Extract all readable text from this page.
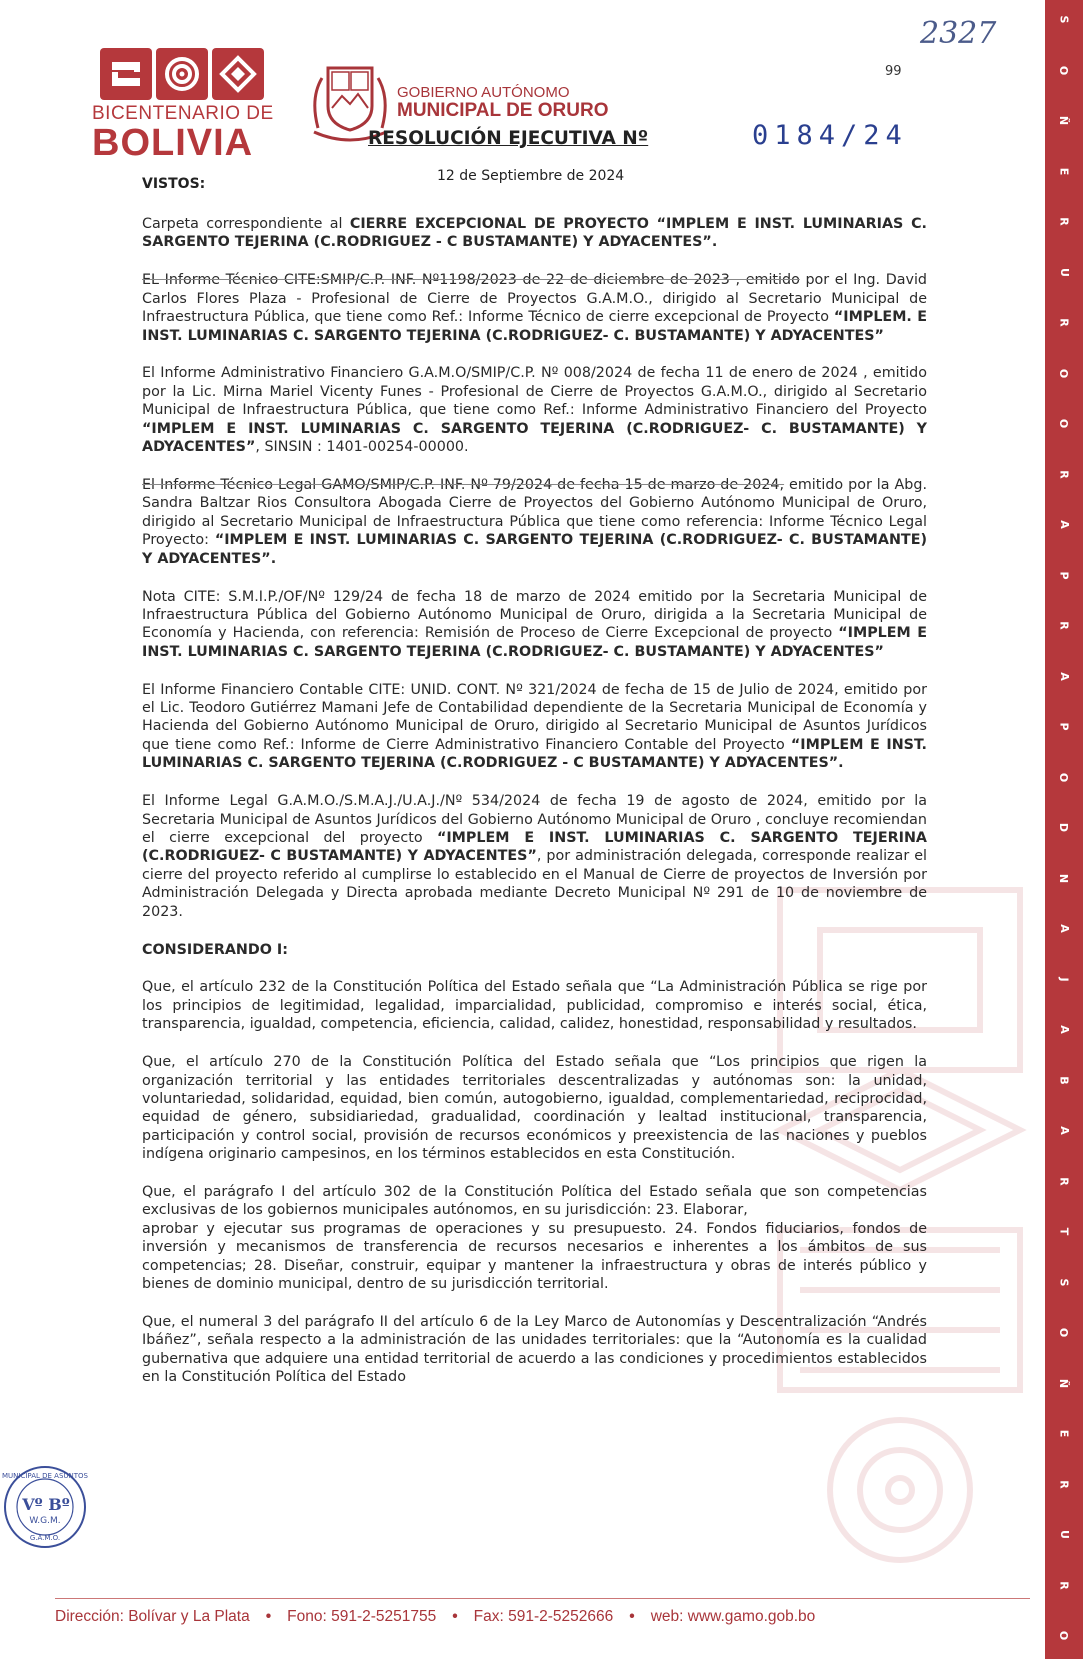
S
O
Ñ
E
R
U
R
O
O
R
A
P
R
A
P
O
D
N
A
J
A
B
A
R
T
S
O
Ñ
E
R
U
R
O
2327
99
BICENTENARIO DE
BOLIVIA
GOBIERNO AUTÓNOMO
MUNICIPAL DE ORURO
RESOLUCIÓN EJECUTIVA Nº	0184/24
12 de Septiembre de 2024
VISTOS:

Carpeta correspondiente al CIERRE EXCEPCIONAL DE PROYECTO “IMPLEM E INST. LUMINARIAS C. SARGENTO TEJERINA (C.RODRIGUEZ - C BUSTAMANTE) Y ADYACENTES”.

EL Informe Técnico CITE:SMIP/C.P. INF. Nº1198/2023 de 22 de diciembre de 2023 , emitido por el Ing. David Carlos Flores Plaza - Profesional de Cierre de Proyectos G.A.M.O., dirigido al Secretario Municipal de Infraestructura Pública, que tiene como Ref.: Informe Técnico de cierre excepcional de Proyecto “IMPLEM. E INST. LUMINARIAS C. SARGENTO TEJERINA (C.RODRIGUEZ- C. BUSTAMANTE) Y ADYACENTES”

El Informe Administrativo Financiero G.A.M.O/SMIP/C.P. Nº 008/2024 de fecha 11 de enero de 2024 , emitido por la Lic. Mirna Mariel Vicenty Funes - Profesional de Cierre de Proyectos G.A.M.O., dirigido al Secretario Municipal de Infraestructura Pública, que tiene como Ref.: Informe Administrativo Financiero del Proyecto “IMPLEM E INST. LUMINARIAS C. SARGENTO TEJERINA (C.RODRIGUEZ- C. BUSTAMANTE) Y ADYACENTES”, SINSIN : 1401-00254-00000.

El Informe Técnico Legal GAMO/SMIP/C.P. INF. Nº 79/2024 de fecha 15 de marzo de 2024, emitido por la Abg. Sandra Baltzar Rios Consultora Abogada Cierre de Proyectos del Gobierno Autónomo Municipal de Oruro, dirigido al Secretario Municipal de Infraestructura Pública que tiene como referencia: Informe Técnico Legal Proyecto: “IMPLEM E INST. LUMINARIAS C. SARGENTO TEJERINA (C.RODRIGUEZ- C. BUSTAMANTE) Y ADYACENTES”.

Nota CITE: S.M.I.P./OF/Nº 129/24 de fecha 18 de marzo de 2024 emitido por la Secretaria Municipal de Infraestructura Pública del Gobierno Autónomo Municipal de Oruro, dirigida a la Secretaria Municipal de Economía y Hacienda, con referencia: Remisión de Proceso de Cierre Excepcional de proyecto “IMPLEM E INST. LUMINARIAS C. SARGENTO TEJERINA (C.RODRIGUEZ- C. BUSTAMANTE) Y ADYACENTES”

El Informe Financiero Contable CITE: UNID. CONT. Nº 321/2024 de fecha de 15 de Julio de 2024, emitido por el Lic. Teodoro Gutiérrez Mamani Jefe de Contabilidad dependiente de la Secretaria Municipal de Economía y Hacienda del Gobierno Autónomo Municipal de Oruro, dirigido al Secretario Municipal de Asuntos Jurídicos que tiene como Ref.: Informe de Cierre Administrativo Financiero Contable del Proyecto “IMPLEM E INST. LUMINARIAS C. SARGENTO TEJERINA (C.RODRIGUEZ - C BUSTAMANTE) Y ADYACENTES”.

El Informe Legal G.A.M.O./S.M.A.J./U.A.J./Nº 534/2024 de fecha 19 de agosto de 2024, emitido por la Secretaria Municipal de Asuntos Jurídicos del Gobierno Autónomo Municipal de Oruro , concluye recomiendan el cierre excepcional del proyecto “IMPLEM E INST. LUMINARIAS C. SARGENTO TEJERINA (C.RODRIGUEZ- C BUSTAMANTE) Y ADYACENTES”, por administración delegada, corresponde realizar el cierre del proyecto referido al cumplirse lo establecido en el Manual de Cierre de proyectos de Inversión por Administración Delegada y Directa aprobada mediante Decreto Municipal Nº 291 de 10 de noviembre de 2023.

CONSIDERANDO I:

Que, el artículo 232 de la Constitución Política del Estado señala que “La Administración Pública se rige por los principios de legitimidad, legalidad, imparcialidad, publicidad, compromiso e interés social, ética, transparencia, igualdad, competencia, eficiencia, calidad, calidez, honestidad, responsabilidad y resultados.

Que, el artículo 270 de la Constitución Política del Estado señala que “Los principios que rigen la organización territorial y las entidades territoriales descentralizadas y autónomas son: la unidad, voluntariedad, solidaridad, equidad, bien común, autogobierno, igualdad, complementariedad, reciprocidad, equidad de género, subsidiariedad, gradualidad, coordinación y lealtad institucional, transparencia, participación y control social, provisión de recursos económicos y preexistencia de las naciones y pueblos indígena originario campesinos, en los términos establecidos en esta Constitución.

Que, el parágrafo I del artículo 302 de la Constitución Política del Estado señala que son competencias exclusivas de los gobiernos municipales autónomos, en su jurisdicción: 23. Elaborar,
aprobar y ejecutar sus programas de operaciones y su presupuesto. 24. Fondos fiduciarios, fondos de inversión y mecanismos de transferencia de recursos necesarios e inherentes a los ámbitos de sus competencias; 28. Diseñar, construir, equipar y mantener la infraestructura y obras de interés público y bienes de dominio municipal, dentro de su jurisdicción territorial.

Que, el numeral 3 del parágrafo II del artículo 6 de la Ley Marco de Autonomías y Descentralización “Andrés Ibáñez”, señala respecto a la administración de las unidades territoriales: que la “Autonomía es la cualidad gubernativa que adquiere una entidad territorial de acuerdo a las condiciones y procedimientos establecidos en la Constitución Política del Estado

MUNICIPAL DE ASUNTOS
Vº Bº
W.G.M.
G.A.M.O.
Dirección: Bolívar y La Plata • Fono: 591-2-5251755 • Fax: 591-2-5252666 • web: www.gamo.gob.bo
